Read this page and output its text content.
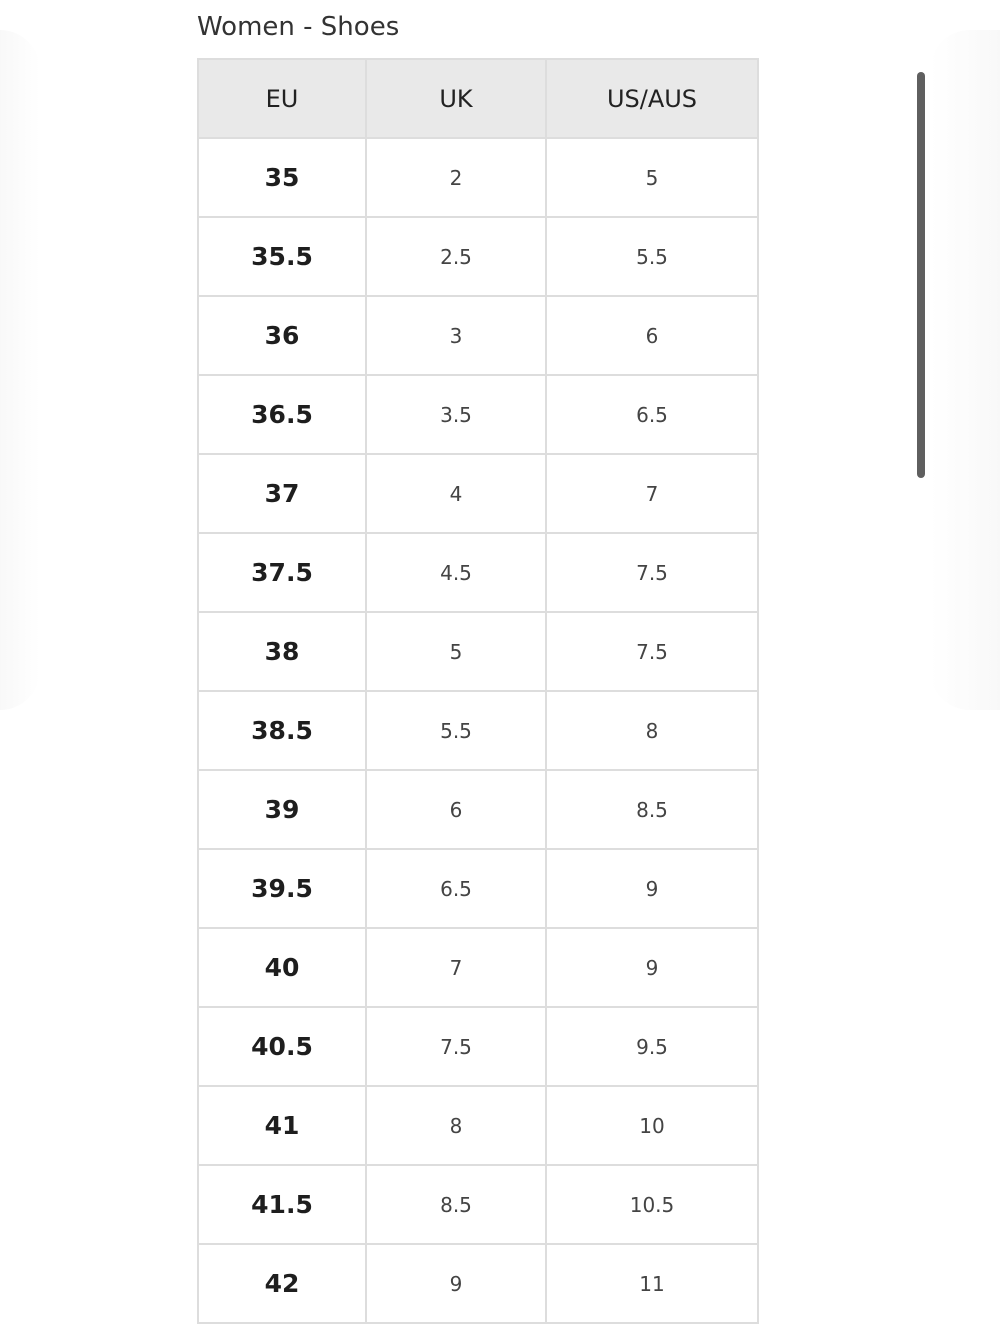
Women - Shoes
EU	UK	US/AUS
35	2	5
35.5	2.5	5.5
36	3	6
36.5	3.5	6.5
37	4	7
37.5	4.5	7.5
38	5	7.5
38.5	5.5	8
39	6	8.5
39.5	6.5	9
40	7	9
40.5	7.5	9.5
41	8	10
41.5	8.5	10.5
42	9	11
